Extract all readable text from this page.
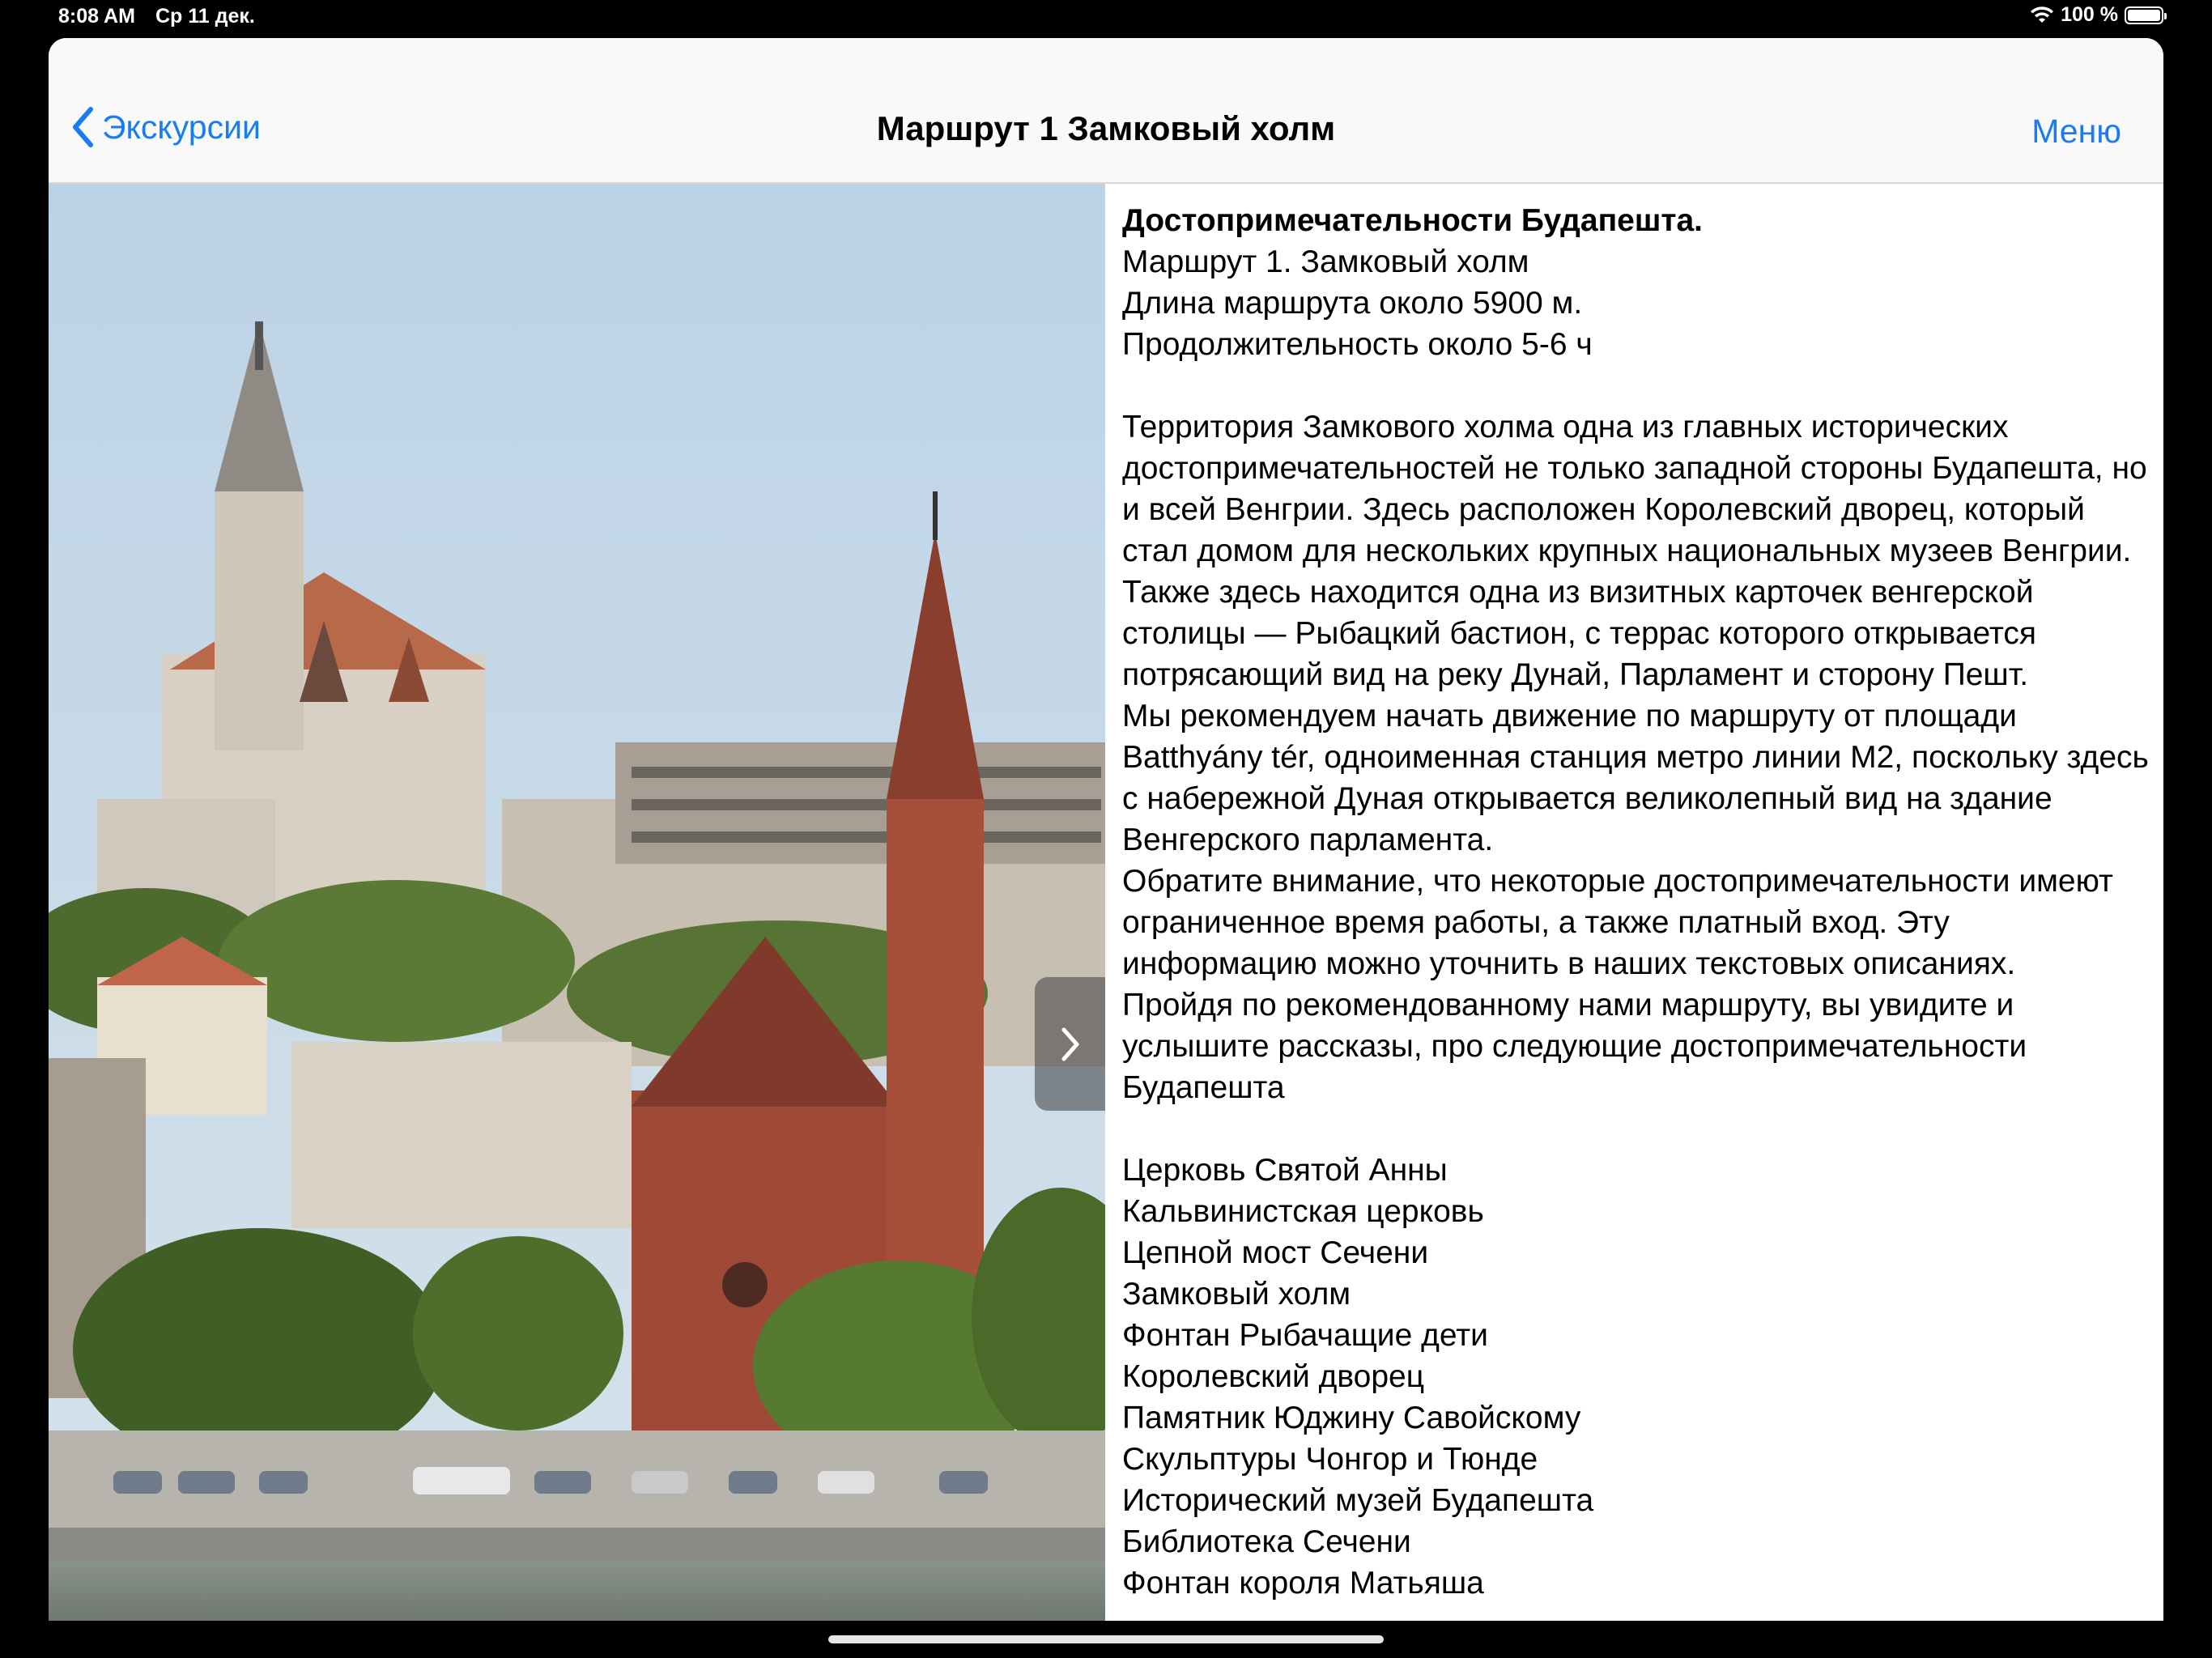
8:08 AM Ср 11 дек.	100 %
Экскурсии	Маршрут 1 Замковый холм	Меню

Достопримечательности Будапешта.

Маршрут 1. Замковый холм

Длина маршрута около 5900 м.

Продолжительность около 5-6 ч

Территория Замкового холма одна из главных исторических достопримечательностей не только западной стороны Будапешта, но и всей Венгрии. Здесь расположен Королевский дворец, который стал домом для нескольких крупных национальных музеев Венгрии. Также здесь находится одна из визитных карточек венгерской столицы — Рыбацкий бастион, с террас которого открывается потрясающий вид на реку Дунай, Парламент и сторону Пешт.

Мы рекомендуем начать движение по маршруту от площади Batthyány tér, одноименная станция метро линии М2, поскольку здесь с набережной Дуная открывается великолепный вид на здание Венгерского парламента.

Обратите внимание, что некоторые достопримечательности имеют ограниченное время работы, а также платный вход. Эту информацию можно уточнить в наших текстовых описаниях.

Пройдя по рекомендованному нами маршруту, вы увидите и услышите рассказы, про следующие достопримечательности Будапешта

Церковь Святой Анны

Кальвинистская церковь

Цепной мост Сечени

Замковый холм

Фонтан Рыбачащие дети

Королевский дворец

Памятник Юджину Савойскому

Скульптуры Чонгор и Тюнде

Исторический музей Будапешта

Библиотека Сечени

Фонтан короля Матьяша
